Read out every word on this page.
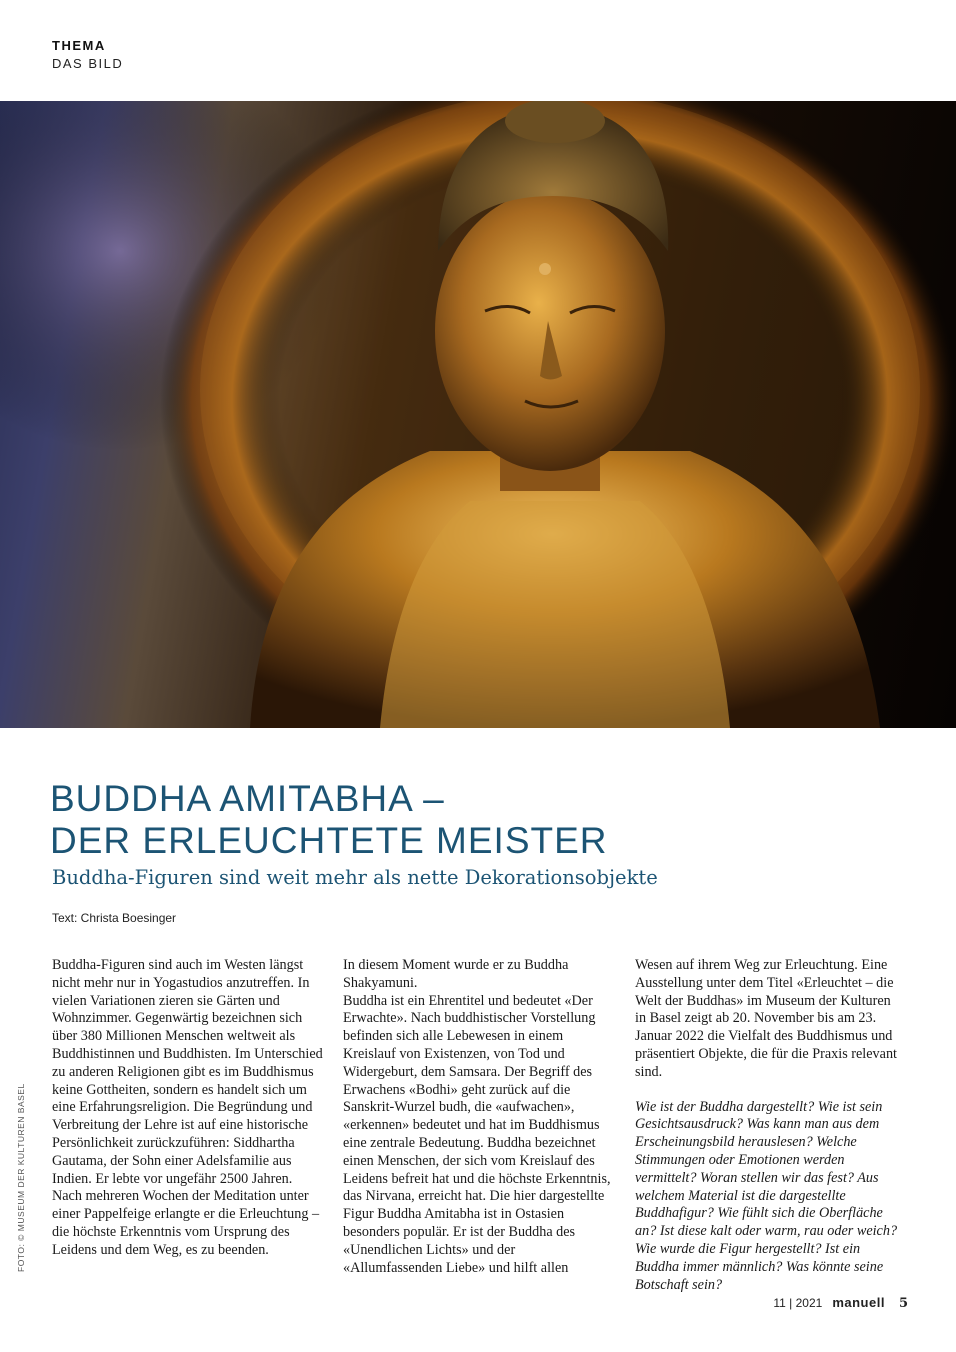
THEMA
DAS BILD
BUDDHA AMITABHA –
DER ERLEUCHTETE MEISTER
Buddha-Figuren sind weit mehr als nette Dekorationsobjekte
Text: Christa Boesinger

Buddha-Figuren sind auch im Westen längst nicht mehr nur in Yogastudios anzutreffen. In vielen Variationen zieren sie Gärten und Wohnzimmer. Gegenwärtig bezeichnen sich über 380 Millionen Menschen weltweit als Buddhistinnen und Buddhisten. Im Unterschied zu anderen Religionen gibt es im Buddhismus keine Gottheiten, sondern es handelt sich um eine Erfahrungsreligion. Die Begründung und Verbreitung der Lehre ist auf eine historische Persönlichkeit zurückzuführen: Siddhartha Gautama, der Sohn einer Adelsfamilie aus Indien. Er lebte vor ungefähr 2500 Jahren. Nach mehreren Wochen der Meditation unter einer Pappelfeige erlangte er die Erleuchtung – die höchste Erkenntnis vom Ursprung des Leidens und dem Weg, es zu beenden.

In diesem Moment wurde er zu Buddha Shakyamuni.

Buddha ist ein Ehrentitel und bedeutet «Der Erwachte». Nach buddhistischer Vorstellung befinden sich alle Lebewesen in einem Kreislauf von Existenzen, von Tod und Widergeburt, dem Samsara. Der Begriff des Erwachens «Bodhi» geht zurück auf die Sanskrit-Wurzel budh, die «aufwachen», «erkennen» bedeutet und hat im Buddhismus eine zentrale Bedeutung. Buddha bezeichnet einen Menschen, der sich vom Kreislauf des Leidens befreit hat und die höchste Erkenntnis, das Nirvana, erreicht hat. Die hier dargestellte Figur Buddha Amitabha ist in Ostasien besonders populär. Er ist der Buddha des «Unendlichen Lichts» und der «Allumfassenden Liebe» und hilft allen

Wesen auf ihrem Weg zur Erleuchtung. Eine Ausstellung unter dem Titel «Erleuchtet – die Welt der Buddhas» im Museum der Kulturen in Basel zeigt ab 20. November bis am 23. Januar 2022 die Vielfalt des Buddhismus und präsentiert Objekte, die für die Praxis relevant sind.

Wie ist der Buddha dargestellt? Wie ist sein Gesichtsausdruck? Was kann man aus dem Erscheinungsbild herauslesen? Welche Stimmungen oder Emotionen werden vermittelt? Woran stellen wir das fest? Aus welchem Material ist die dargestellte Buddhafigur? Wie fühlt sich die Oberfläche an? Ist diese kalt oder warm, rau oder weich? Wie wurde die Figur hergestellt? Ist ein Buddha immer männlich? Was könnte seine Botschaft sein?

FOTO: © MUSEUM DER KULTUREN BASEL
11 | 2021 manuell 5
